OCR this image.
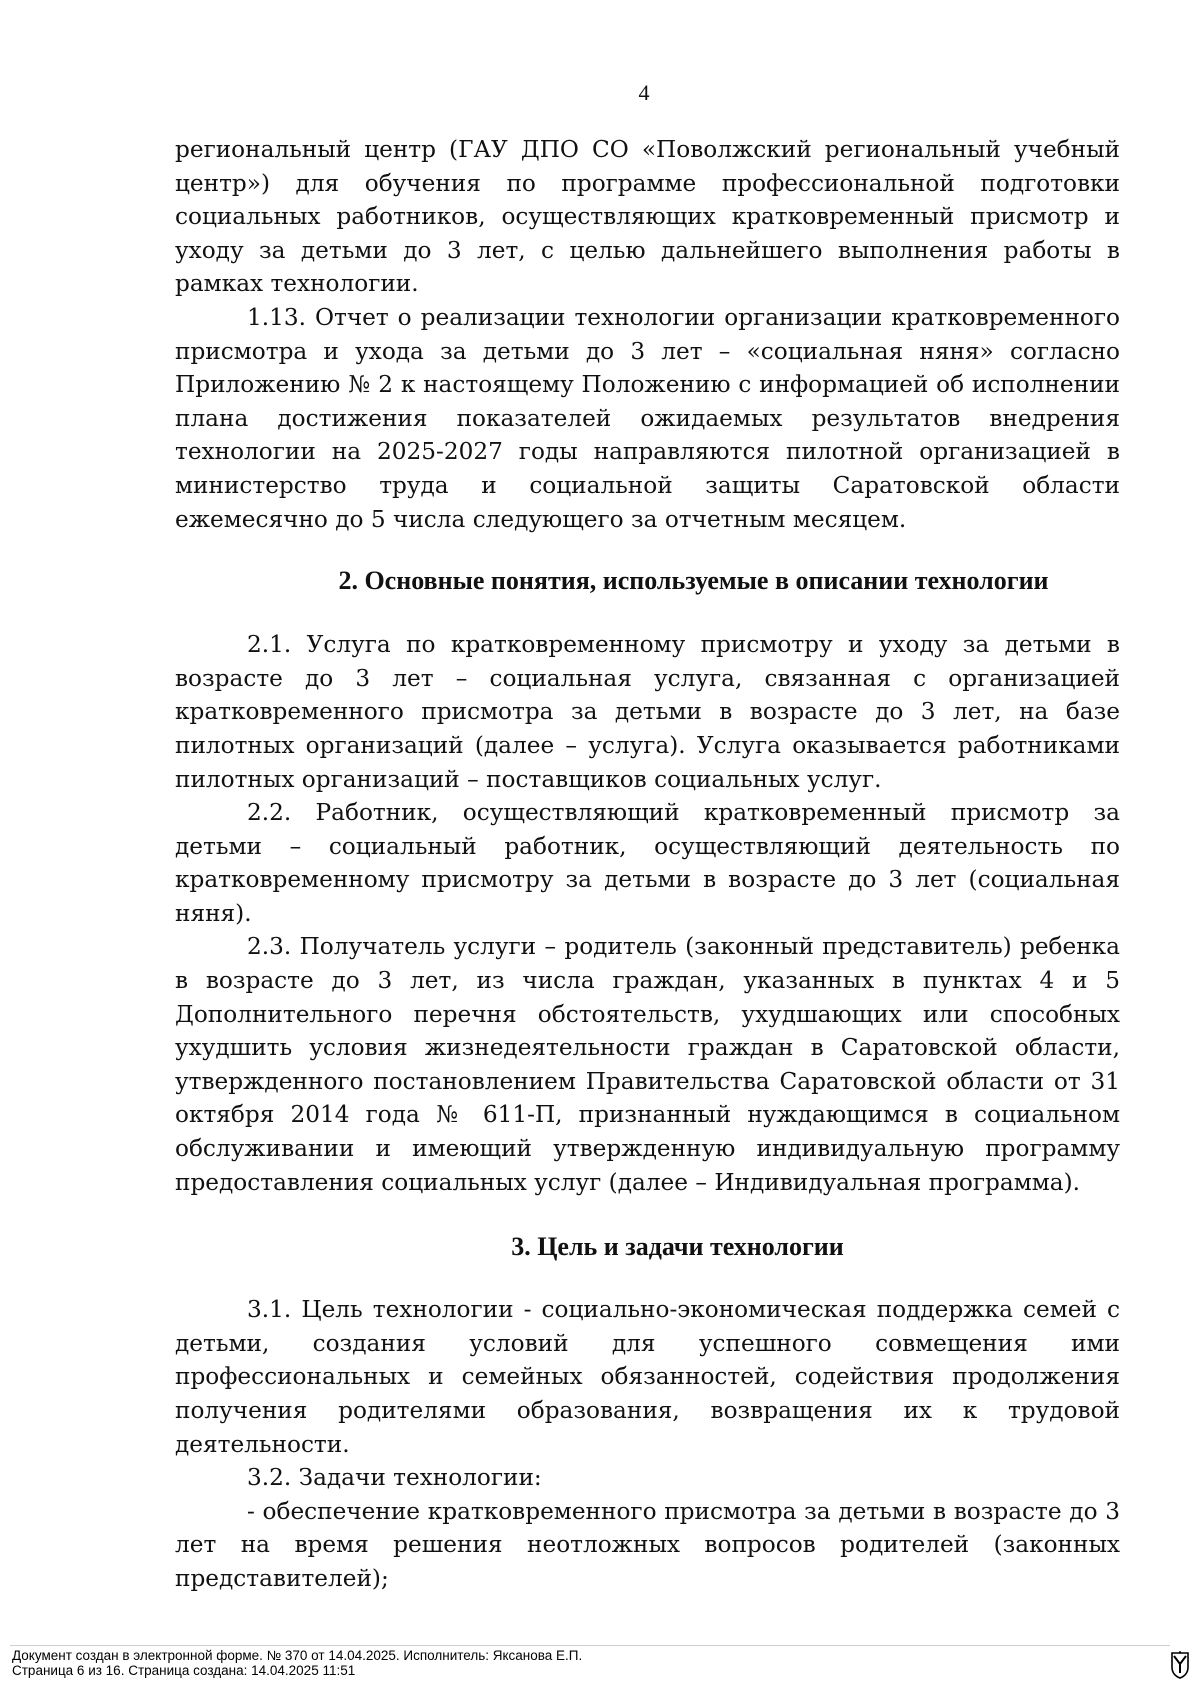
4

региональный центр (ГАУ ДПО СО «Поволжский региональный учебный центр») для обучения по программе профессиональной подготовки социальных работников, осуществляющих кратковременный присмотр и уходу за детьми до 3 лет, с целью дальнейшего выполнения работы в рамках технологии.

1.13. Отчет о реализации технологии организации кратковременного присмотра и ухода за детьми до 3 лет – «социальная няня» согласно Приложению № 2 к настоящему Положению с информацией об исполнении плана достижения показателей ожидаемых результатов внедрения технологии на 2025-2027 годы направляются пилотной организацией в министерство труда и социальной защиты Саратовской области ежемесячно до 5 числа следующего за отчетным месяцем.

2. Основные понятия, используемые в описании технологии

2.1. Услуга по кратковременному присмотру и уходу за детьми в возрасте до 3 лет – социальная услуга, связанная с организацией кратковременного присмотра за детьми в возрасте до 3 лет, на базе пилотных организаций (далее – услуга). Услуга оказывается работниками пилотных организаций – поставщиков социальных услуг.

2.2. Работник, осуществляющий кратковременный присмотр за детьми – социальный работник, осуществляющий деятельность по кратковременному присмотру за детьми в возрасте до 3 лет (социальная няня).

2.3. Получатель услуги – родитель (законный представитель) ребенка в возрасте до 3 лет, из числа граждан, указанных в пунктах 4 и 5 Дополнительного перечня обстоятельств, ухудшающих или способных ухудшить условия жизнедеятельности граждан в Саратовской области, утвержденного постановлением Правительства Саратовской области от 31 октября 2014 года № 611-П, признанный нуждающимся в социальном обслуживании и имеющий утвержденную индивидуальную программу предоставления социальных услуг (далее – Индивидуальная программа).

3. Цель и задачи технологии

3.1. Цель технологии - социально-экономическая поддержка семей с детьми, создания условий для успешного совмещения ими профессиональных и семейных обязанностей, содействия продолжения получения родителями образования, возвращения их к трудовой деятельности.

3.2. Задачи технологии:

- обеспечение кратковременного присмотра за детьми в возрасте до 3 лет на время решения неотложных вопросов родителей (законных представителей);

Документ создан в электронной форме. № 370 от 14.04.2025. Исполнитель: Яксанова Е.П.
Страница 6 из 16. Страница создана: 14.04.2025 11:51
